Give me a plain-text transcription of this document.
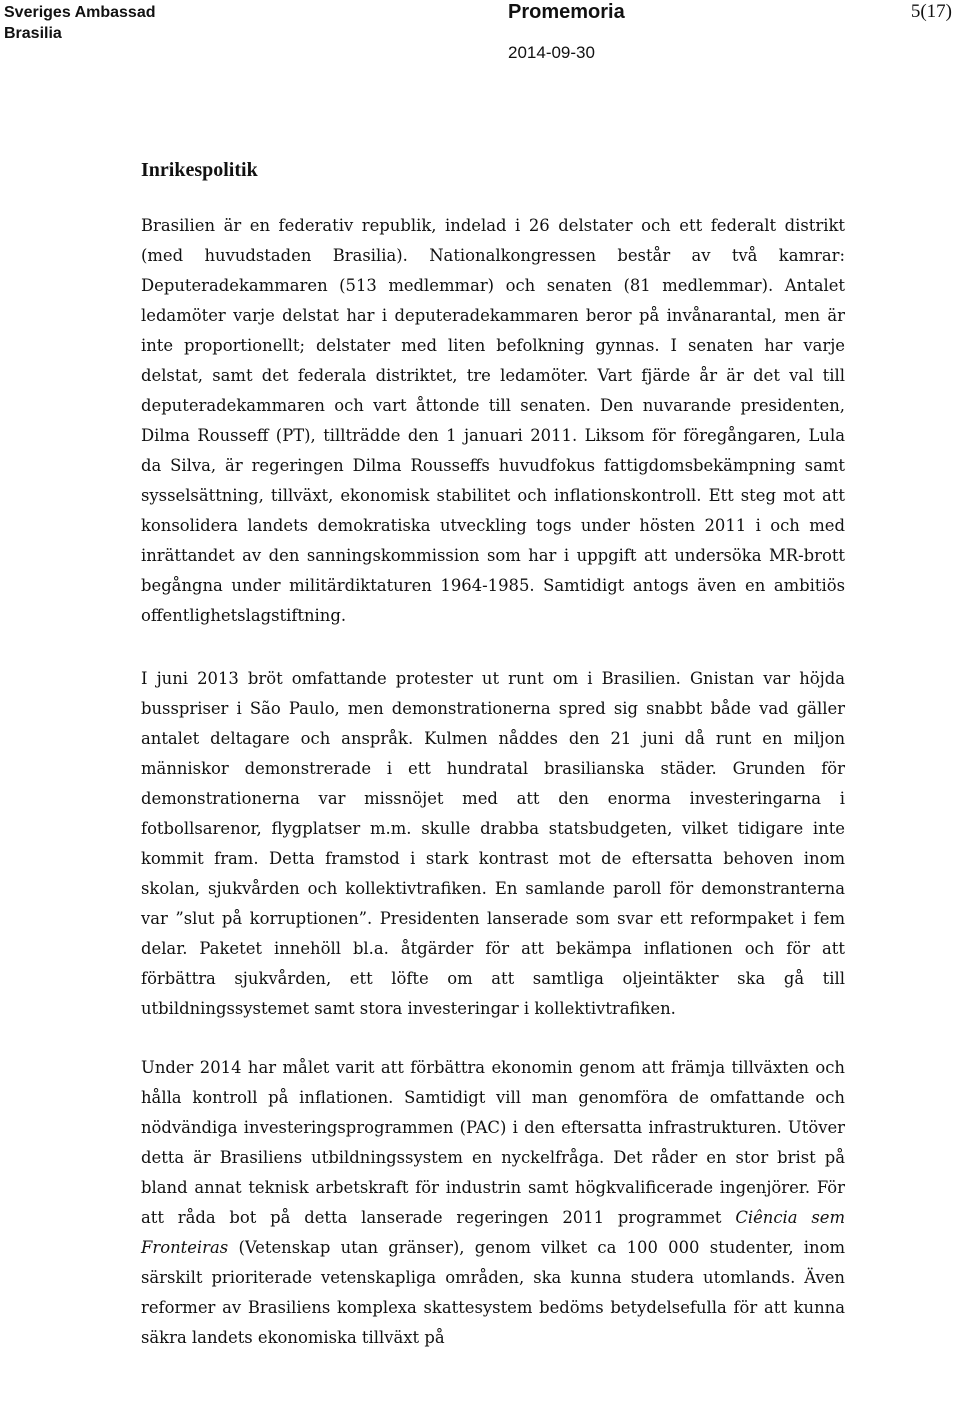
Sveriges Ambassad
Brasilia
Promemoria
2014-09-30
5(17)
Inrikespolitik

Brasilien är en federativ republik, indelad i 26 delstater och ett federalt distrikt (med huvudstaden Brasilia). Nationalkongressen består av två kamrar: Deputeradekammaren (513 medlemmar) och senaten (81 medlemmar). Antalet ledamöter varje delstat har i deputeradekammaren beror på invånarantal, men är inte proportionellt; delstater med liten befolkning gynnas. I senaten har varje delstat, samt det federala distriktet, tre ledamöter. Vart fjärde år är det val till deputeradekammaren och vart åttonde till senaten. Den nuvarande presidenten, Dilma Rousseff (PT), tillträdde den 1 januari 2011. Liksom för föregångaren, Lula da Silva, är regeringen Dilma Rousseffs huvudfokus fattigdomsbekämpning samt sysselsättning, tillväxt, ekonomisk stabilitet och inflationskontroll. Ett steg mot att konsolidera landets demokratiska utveckling togs under hösten 2011 i och med inrättandet av den sanningskommission som har i uppgift att undersöka MR-brott begångna under militärdiktaturen 1964-1985. Samtidigt antogs även en ambitiös offentlighetslagstiftning.

I juni 2013 bröt omfattande protester ut runt om i Brasilien. Gnistan var höjda busspriser i São Paulo, men demonstrationerna spred sig snabbt både vad gäller antalet deltagare och anspråk. Kulmen nåddes den 21 juni då runt en miljon människor demonstrerade i ett hundratal brasilianska städer. Grunden för demonstrationerna var missnöjet med att den enorma investeringarna i fotbollsarenor, flygplatser m.m. skulle drabba statsbudgeten, vilket tidigare inte kommit fram. Detta framstod i stark kontrast mot de eftersatta behoven inom skolan, sjukvården och kollektivtrafiken. En samlande paroll för demonstranterna var ”slut på korruptionen”. Presidenten lanserade som svar ett reformpaket i fem delar. Paketet innehöll bl.a. åtgärder för att bekämpa inflationen och för att förbättra sjukvården, ett löfte om att samtliga oljeintäkter ska gå till utbildningssystemet samt stora investeringar i kollektivtrafiken.

Under 2014 har målet varit att förbättra ekonomin genom att främja tillväxten och hålla kontroll på inflationen. Samtidigt vill man genomföra de omfattande och nödvändiga investeringsprogrammen (PAC) i den eftersatta infrastrukturen. Utöver detta är Brasiliens utbildningssystem en nyckelfråga. Det råder en stor brist på bland annat teknisk arbetskraft för industrin samt högkvalificerade ingenjörer. För att råda bot på detta lanserade regeringen 2011 programmet Ciência sem Fronteiras (Vetenskap utan gränser), genom vilket ca 100 000 studenter, inom särskilt prioriterade vetenskapliga områden, ska kunna studera utomlands. Även reformer av Brasiliens komplexa skattesystem bedöms betydelsefulla för att kunna säkra landets ekonomiska tillväxt på
